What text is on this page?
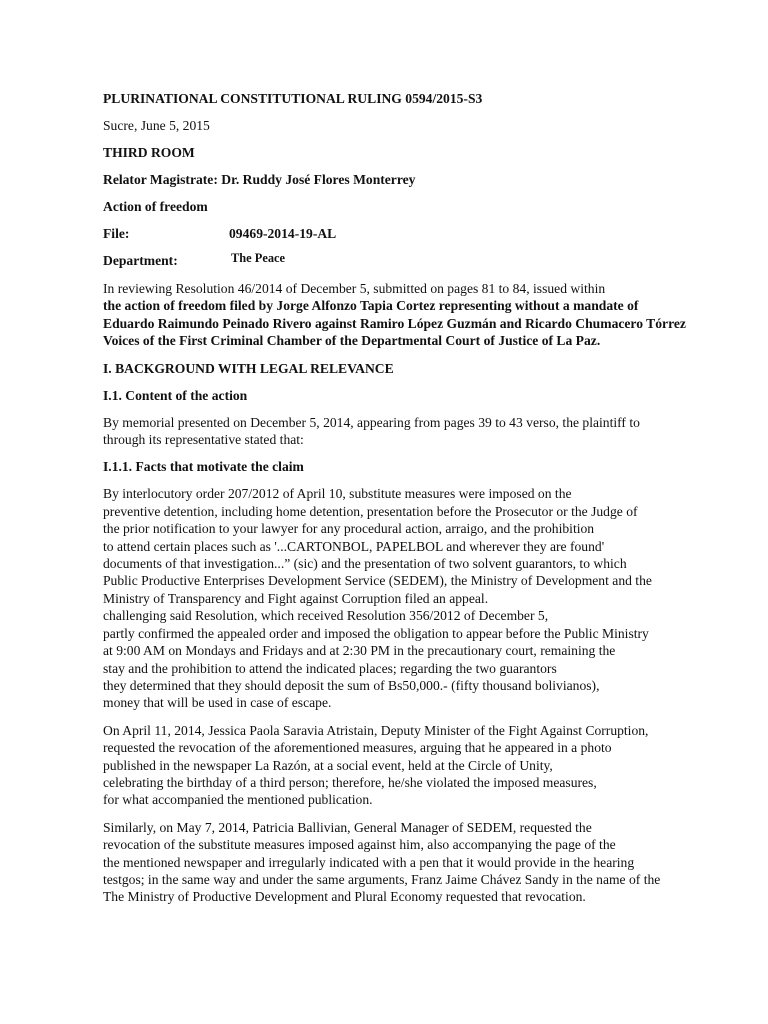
PLURINATIONAL CONSTITUTIONAL RULING 0594/2015-S3
Sucre, June 5, 2015
THIRD ROOM
Relator Magistrate: Dr. Ruddy José Flores Monterrey
Action of freedom
File:	09469-2014-19-AL
Department:	The Peace
In reviewing Resolution 46/2014 of December 5, submitted on pages 81 to 84, issued within
the action of freedom filed by Jorge Alfonzo Tapia Cortez representing without a mandate of
Eduardo Raimundo Peinado Rivero against Ramiro López Guzmán and Ricardo Chumacero Tórrez
Voices of the First Criminal Chamber of the Departmental Court of Justice of La Paz.
I. BACKGROUND WITH LEGAL RELEVANCE
I.1. Content of the action
By memorial presented on December 5, 2014, appearing from pages 39 to 43 verso, the plaintiff to
through its representative stated that:
I.1.1. Facts that motivate the claim
By interlocutory order 207/2012 of April 10, substitute measures were imposed on the
preventive detention, including home detention, presentation before the Prosecutor or the Judge of
the prior notification to your lawyer for any procedural action, arraigo, and the prohibition
to attend certain places such as '...CARTONBOL, PAPELBOL and wherever they are found'
documents of that investigation...” (sic) and the presentation of two solvent guarantors, to which
Public Productive Enterprises Development Service (SEDEM), the Ministry of Development and the
Ministry of Transparency and Fight against Corruption filed an appeal.
challenging said Resolution, which received Resolution 356/2012 of December 5,
partly confirmed the appealed order and imposed the obligation to appear before the Public Ministry
at 9:00 AM on Mondays and Fridays and at 2:30 PM in the precautionary court, remaining the
stay and the prohibition to attend the indicated places; regarding the two guarantors
they determined that they should deposit the sum of Bs50,000.- (fifty thousand bolivianos),
money that will be used in case of escape.
On April 11, 2014, Jessica Paola Saravia Atristain, Deputy Minister of the Fight Against Corruption,
requested the revocation of the aforementioned measures, arguing that he appeared in a photo
published in the newspaper La Razón, at a social event, held at the Circle of Unity,
celebrating the birthday of a third person; therefore, he/she violated the imposed measures,
for what accompanied the mentioned publication.
Similarly, on May 7, 2014, Patricia Ballivian, General Manager of SEDEM, requested the
revocation of the substitute measures imposed against him, also accompanying the page of the
the mentioned newspaper and irregularly indicated with a pen that it would provide in the hearing
testgos; in the same way and under the same arguments, Franz Jaime Chávez Sandy in the name of the
The Ministry of Productive Development and Plural Economy requested that revocation.
